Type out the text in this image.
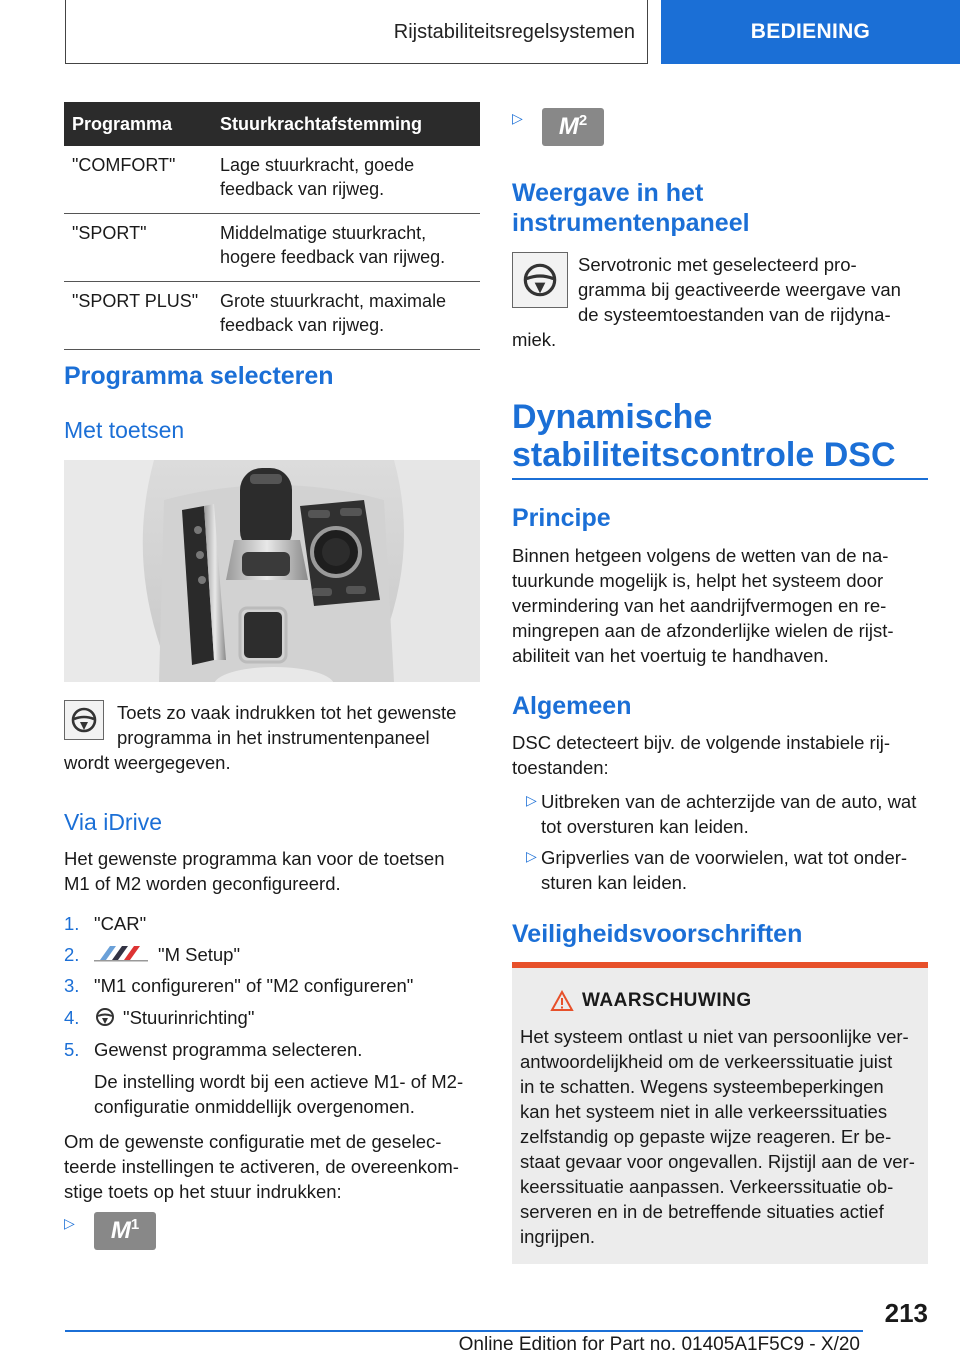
Rijstabiliteitsregelsystemen	BEDIENING
Programma	Stuurkrachtafstemming
"COMFORT"	Lage stuurkracht, goede feedback van rijweg.
"SPORT"	Middelmatige stuurkracht, hogere feedback van rijweg.
"SPORT PLUS"	Grote stuurkracht, maximale feedback van rijweg.
Programma selecteren
Met toetsen
Toets zo vaak indrukken tot het gewenste
programma in het instrumentenpaneel
wordt weergegeven.
Via iDrive
Het gewenste programma kan voor de toetsen
M1 of M2 worden geconfigureerd.
1. "CAR"
2.	"M Setup"
3. "M1 configureren" of "M2 configureren"
4. "Stuurinrichting"
5. Gewenst programma selecteren.
De instelling wordt bij een actieve M1- of M2-
configuratie onmiddellijk overgenomen.
Om de gewenste configuratie met de geselec-
teerde instellingen te activeren, de overeenkom-
stige toets op het stuur indrukken:
▷ M 1
▷ M 2
Weergave in het
instrumentenpaneel
Servotronic met geselecteerd pro-
gramma bij geactiveerde weergave van
de systeemtoestanden van de rijdyna-
miek.
Dynamische
stabiliteitscontrole DSC
Principe
Binnen hetgeen volgens de wetten van de na-
tuurkunde mogelijk is, helpt het systeem door
vermindering van het aandrijfvermogen en re-
mingrepen aan de afzonderlijke wielen de rijst-
abiliteit van het voertuig te handhaven.
Algemeen
DSC detecteert bijv. de volgende instabiele rij-
toestanden:
▷ Uitbreken van de achterzijde van de auto, wat
tot oversturen kan leiden.
▷ Gripverlies van de voorwielen, wat tot onder-
sturen kan leiden.
Veiligheidsvoorschriften
WAARSCHUWING
Het systeem ontlast u niet van persoonlijke ver-
antwoordelijkheid om de verkeerssituatie juist
in te schatten. Wegens systeembeperkingen
kan het systeem niet in alle verkeerssituaties
zelfstandig op gepaste wijze reageren. Er be-
staat gevaar voor ongevallen. Rijstijl aan de ver-
keerssituatie aanpassen. Verkeerssituatie ob-
serveren en in de betreffende situaties actief
ingrijpen.
213
Online Edition for Part no. 01405A1F5C9 - X/20
